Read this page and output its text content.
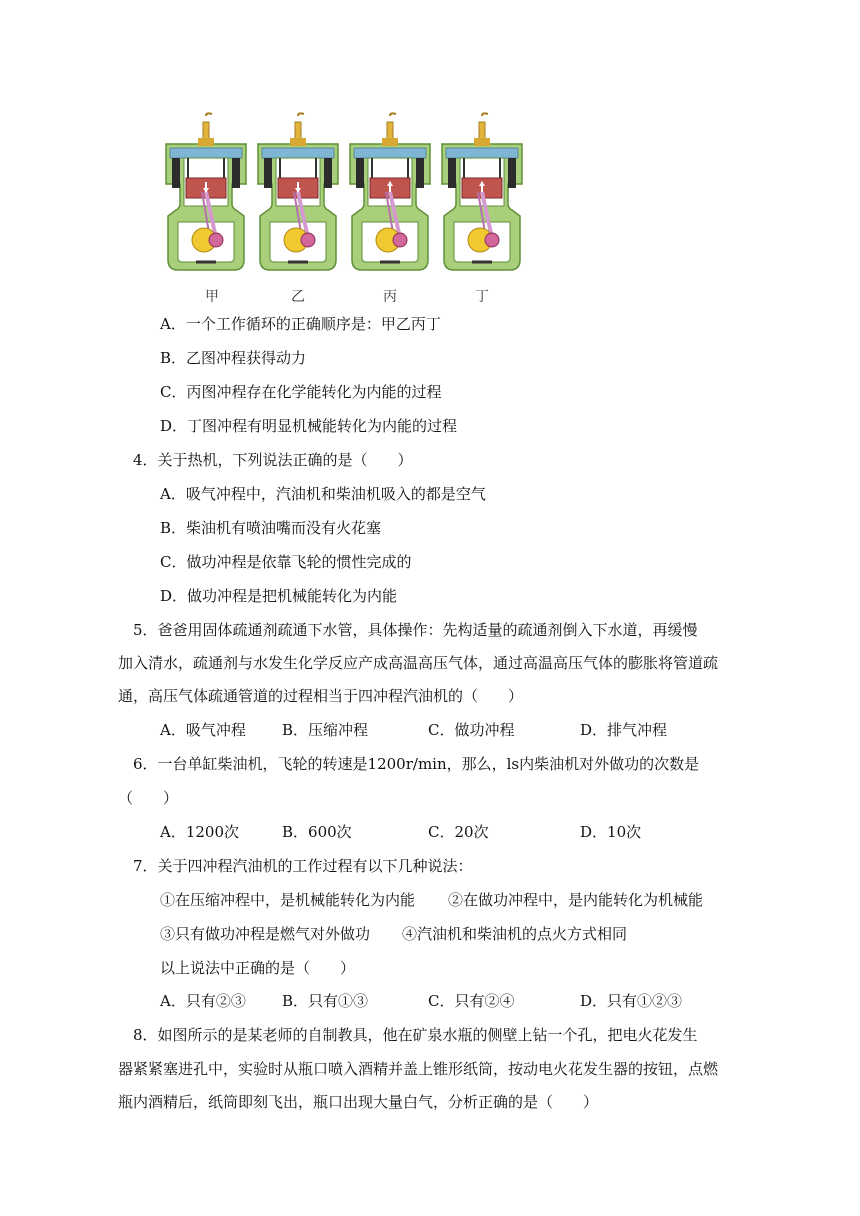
甲	乙	丙	丁
A．一个工作循环的正确顺序是：甲乙丙丁
B．乙图冲程获得动力
C．丙图冲程存在化学能转化为内能的过程
D．丁图冲程有明显机械能转化为内能的过程
4．关于热机，下列说法正确的是（　　）
A．吸气冲程中，汽油机和柴油机吸入的都是空气
B．柴油机有喷油嘴而没有火花塞
C．做功冲程是依靠飞轮的惯性完成的
D．做功冲程是把机械能转化为内能
5．爸爸用固体疏通剂疏通下水管，具体操作：先构适量的疏通剂倒入下水道，再缓慢
加入清水，疏通剂与水发生化学反应产成高温高压气体，通过高温高压气体的膨胀将管道疏
通，高压气体疏通管道的过程相当于四冲程汽油机的（　　）
A．吸气冲程 B．压缩冲程	C．做功冲程	D．排气冲程
6．一台单缸柴油机，飞轮的转速是1200r/min，那么，ls内柴油机对外做功的次数是
（　　）
A．1200次	B．600次	C．20次	D．10次
7．关于四冲程汽油机的工作过程有以下几种说法：
①在压缩冲程中，是机械能转化为内能 ②在做功冲程中，是内能转化为机械能
③只有做功冲程是燃气对外做功 ④汽油机和柴油机的点火方式相同
以上说法中正确的是（　　）
A．只有②③ B．只有①③	C．只有②④	D．只有①②③
8．如图所示的是某老师的自制教具，他在矿泉水瓶的侧壁上钻一个孔，把电火花发生
器紧紧塞进孔中，实验时从瓶口喷入酒精并盖上锥形纸筒，按动电火花发生器的按钮，点燃
瓶内酒精后，纸筒即刻飞出，瓶口出现大量白气，分析正确的是（　　）
